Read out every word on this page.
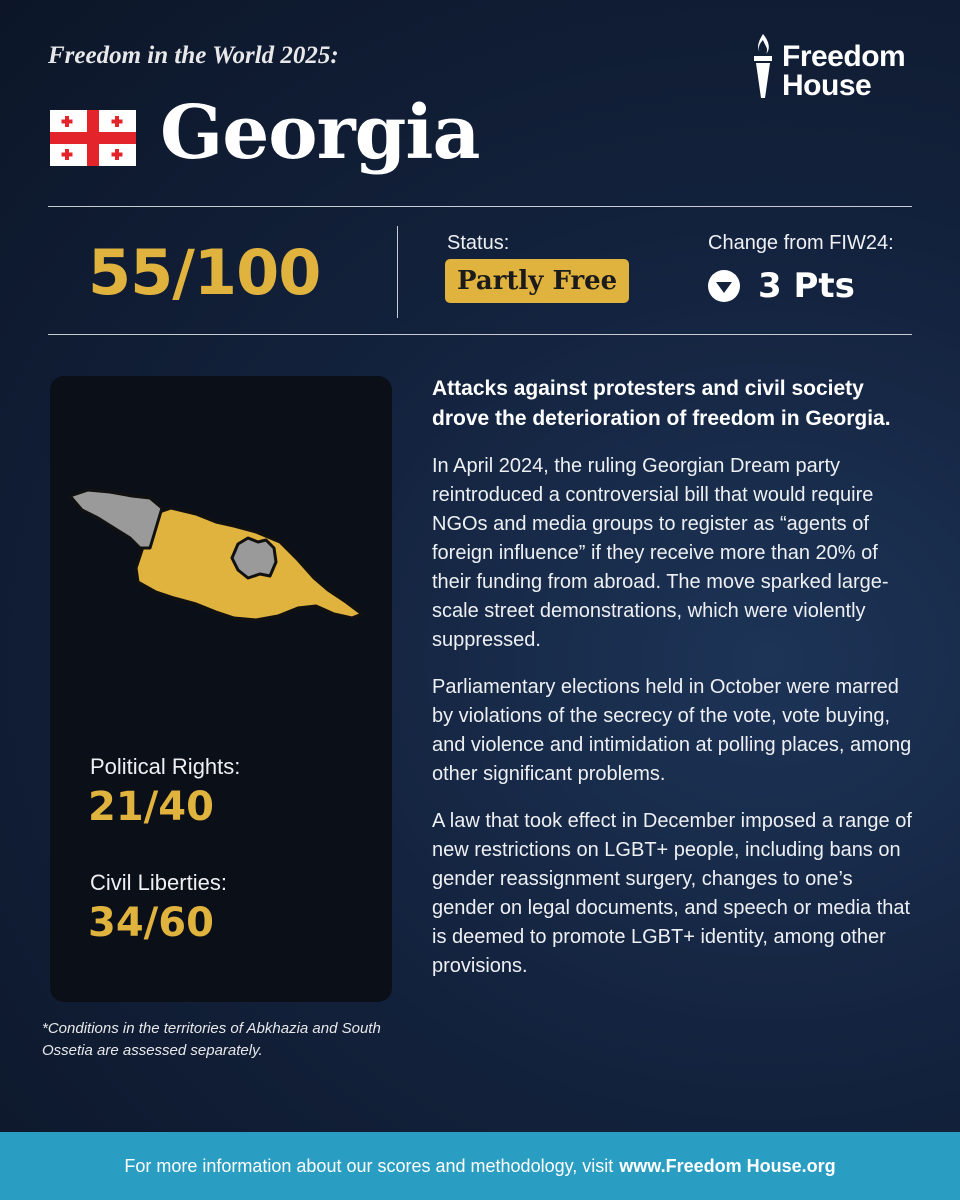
Freedom in the World 2025:	Freedom
House
Georgia
55/100	Status:
Partly Free
Change from FIW24:
3 Pts
Political Rights:
21/40
Civil Liberties:
34/60
*Conditions in the territories of Abkhazia and South Ossetia are assessed separately.

Attacks against protesters and civil society drove the deterioration of freedom in Georgia.

In April 2024, the ruling Georgian Dream party reintroduced a controversial bill that would require NGOs and media groups to register as “agents of foreign influence” if they receive more than 20% of their funding from abroad. The move sparked large-scale street demonstrations, which were violently suppressed.

Parliamentary elections held in October were marred by violations of the secrecy of the vote, vote buying, and violence and intimidation at polling places, among other significant problems.

A law that took effect in December imposed a range of new restrictions on LGBT+ people, including bans on gender reassignment surgery, changes to one’s gender on legal documents, and speech or media that is deemed to promote LGBT+ identity, among other provisions.

For more information about our scores and methodology, visit www.Freedom House.org
